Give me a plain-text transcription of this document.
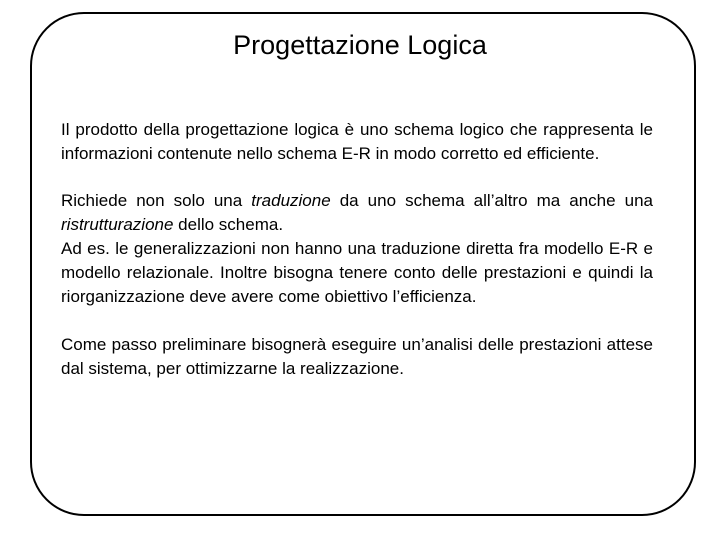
Progettazione Logica

Il prodotto della progettazione logica è uno schema logico che rappresenta le informazioni contenute nello schema E-R in modo corretto ed efficiente.

Richiede non solo una traduzione da uno schema all’altro ma anche una ristrutturazione dello schema.

Ad es. le generalizzazioni non hanno una traduzione diretta fra modello E-R e modello relazionale. Inoltre bisogna tenere conto delle prestazioni e quindi la riorganizzazione deve avere come obiettivo l’efficienza.

Come passo preliminare bisognerà eseguire un’analisi delle prestazioni attese dal sistema, per ottimizzarne la realizzazione.
